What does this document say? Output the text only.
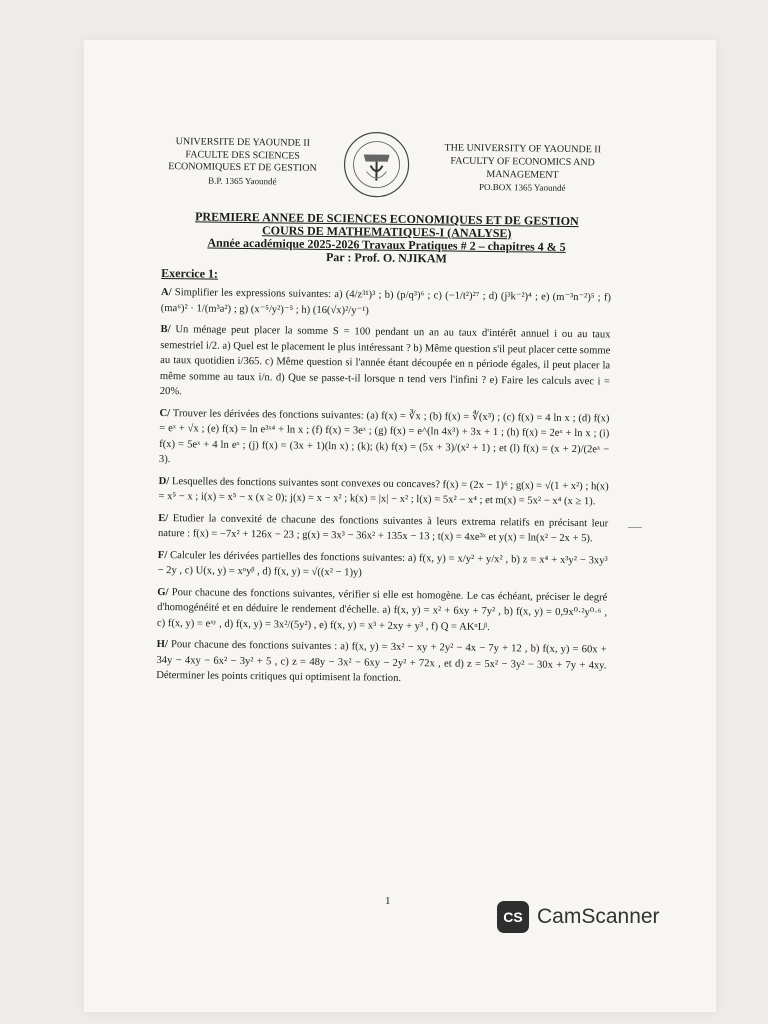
UNIVERSITE DE YAOUNDE II
FACULTE DES SCIENCES
ECONOMIQUES ET DE GESTION
B.P. 1365 Yaoundé
THE UNIVERSITY OF YAOUNDE II
FACULTY OF ECONOMICS AND
MANAGEMENT
PO.BOX 1365 Yaoundé
PREMIERE ANNEE DE SCIENCES ECONOMIQUES ET DE GESTION
COURS DE MATHEMATIQUES-I (ANALYSE)
Année académique 2025-2026 Travaux Pratiques # 2 – chapitres 4 & 5
Par : Prof. O. NJIKAM
Exercice 1:
A/ Simplifier les expressions suivantes: a) (4/z³¹)³ ; b) (p/q³)⁶ ; c) (−1/t²)²⁷ ; d) (j³k⁻²)⁴ ; e) (m⁻³n⁻²)⁵ ; f) (ma⁶)² · 1/(m³a²) ; g) (x⁻⁵/y²)⁻⁵ ; h) (16(√x)²/y⁻¹)
B/ Un ménage peut placer la somme S = 100 pendant un an au taux d'intérêt annuel i ou au taux semestriel i/2. a) Quel est le placement le plus intéressant ? b) Même question s'il peut placer cette somme au taux quotidien i/365. c) Même question si l'année étant découpée en n période égales, il peut placer la même somme au taux i/n. d) Que se passe-t-il lorsque n tend vers l'infini ? e) Faire les calculs avec i = 20%.
C/ Trouver les dérivées des fonctions suivantes: (a) f(x) = ∛x ; (b) f(x) = ∜(x³) ; (c) f(x) = 4 ln x ; (d) f(x) = eˣ + √x ; (e) f(x) = ln e³ˣ⁴ + ln x ; (f) f(x) = 3eˣ ; (g) f(x) = e^(ln 4x³) + 3x + 1 ; (h) f(x) = 2eˣ + ln x ; (i) f(x) = 5eˣ + 4 ln eˣ ; (j) f(x) = (3x + 1)(ln x) ; (k); (k) f(x) = (5x + 3)/(x² + 1) ; et (l) f(x) = (x + 2)/(2eˣ − 3).
D/ Lesquelles des fonctions suivantes sont convexes ou concaves? f(x) = (2x − 1)⁶ ; g(x) = √(1 + x²) ; h(x) = x⁵ − x ; i(x) = x⁵ − x (x ≥ 0); j(x) = x − x² ; k(x) = |x| − x² ; l(x) = 5x² − x⁴ ; et m(x) = 5x² − x⁴ (x ≥ 1).
E/ Etudier la convexité de chacune des fonctions suivantes à leurs extrema relatifs en précisant leur nature : f(x) = −7x² + 126x − 23 ; g(x) = 3x³ − 36x² + 135x − 13 ; t(x) = 4xe³ˣ et y(x) = ln(x² − 2x + 5).
F/ Calculer les dérivées partielles des fonctions suivantes: a) f(x, y) = x/y² + y/x² , b) z = x⁴ + x³y² − 3xy³ − 2y , c) U(x, y) = xᵅyᵝ , d) f(x, y) = √((x² − 1)y)
G/ Pour chacune des fonctions suivantes, vérifier si elle est homogène. Le cas échéant, préciser le degré d'homogénéité et en déduire le rendement d'échelle. a) f(x, y) = x² + 6xy + 7y² , b) f(x, y) = 0,9x⁰·²y⁰·⁶ , c) f(x, y) = eˣʸ , d) f(x, y) = 3x²/(5y²) , e) f(x, y) = x³ + 2xy + y³ , f) Q = AKᵅLᵝ.
H/ Pour chacune des fonctions suivantes : a) f(x, y) = 3x² − xy + 2y² − 4x − 7y + 12 , b) f(x, y) = 60x + 34y − 4xy − 6x² − 3y² + 5 , c) z = 48y − 3x² − 6xy − 2y² + 72x , et d) z = 5x² − 3y² − 30x + 7y + 4xy. Déterminer les points critiques qui optimisent la fonction.
1
CS CamScanner
